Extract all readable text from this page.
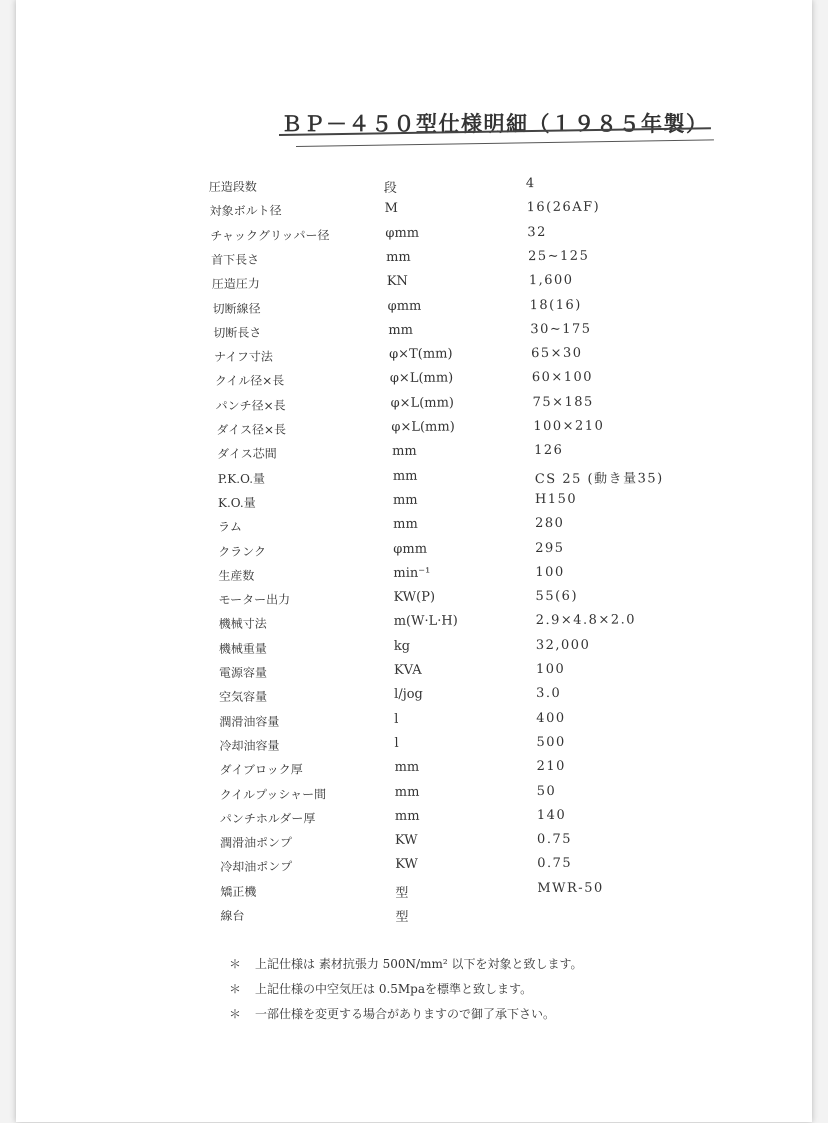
ＢＰ－４５０型仕様明細（１９８５年製）
圧造段数	段	4
対象ボルト径	M	16(26AF)
チャックグリッパー径	φmm	32
首下長さ	mm	25~125
圧造圧力	KN	1,600
切断線径	φmm	18(16)
切断長さ	mm	30~175
ナイフ寸法	φ×T(mm)	65×30
クイル径×長	φ×L(mm)	60×100
パンチ径×長	φ×L(mm)	75×185
ダイス径×長	φ×L(mm)	100×210
ダイス芯間	mm	126
P.K.O.量	mm	CS 25 (動き量35)
K.O.量	mm	H150
ラム	mm	280
クランク	φmm	295
生産数	min⁻¹	100
モーター出力	KW(P)	55(6)
機械寸法	m(W·L·H)	2.9×4.8×2.0
機械重量	kg	32,000
電源容量	KVA	100
空気容量	l/jog	3.0
潤滑油容量	l	400
冷却油容量	l	500
ダイブロック厚	mm	210
クイルプッシャー間	mm	50
パンチホルダー厚	mm	140
潤滑油ポンプ	KW	0.75
冷却油ポンプ	KW	0.75
矯正機	型	MWR-50
線台	型
＊ 上記仕様は 素材抗張力 500N/mm² 以下を対象と致します。
＊ 上記仕様の中空気圧は 0.5Mpaを標準と致します。
＊ 一部仕様を変更する場合がありますので御了承下さい。
